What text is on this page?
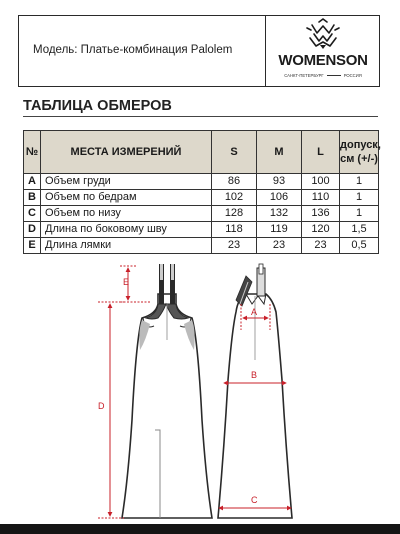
Модель: Платье-комбинация Palolem
WOMENSON
САНКТ-ПЕТЕРБУРГ	РОССИЯ
ТАБЛИЦА ОБМЕРОВ
№	МЕСТА ИЗМЕРЕНИЙ	S	M	L	допуск,
см (+/-)
A	Объем груди	86	93	100	1
B	Объем по бедрам	102	106	110	1
C	Объем по низу	128	132	136	1
D	Длина по боковому шву	118	119	120	1,5
E	Длина лямки	23	23	23	0,5
E
D
A
B
C
